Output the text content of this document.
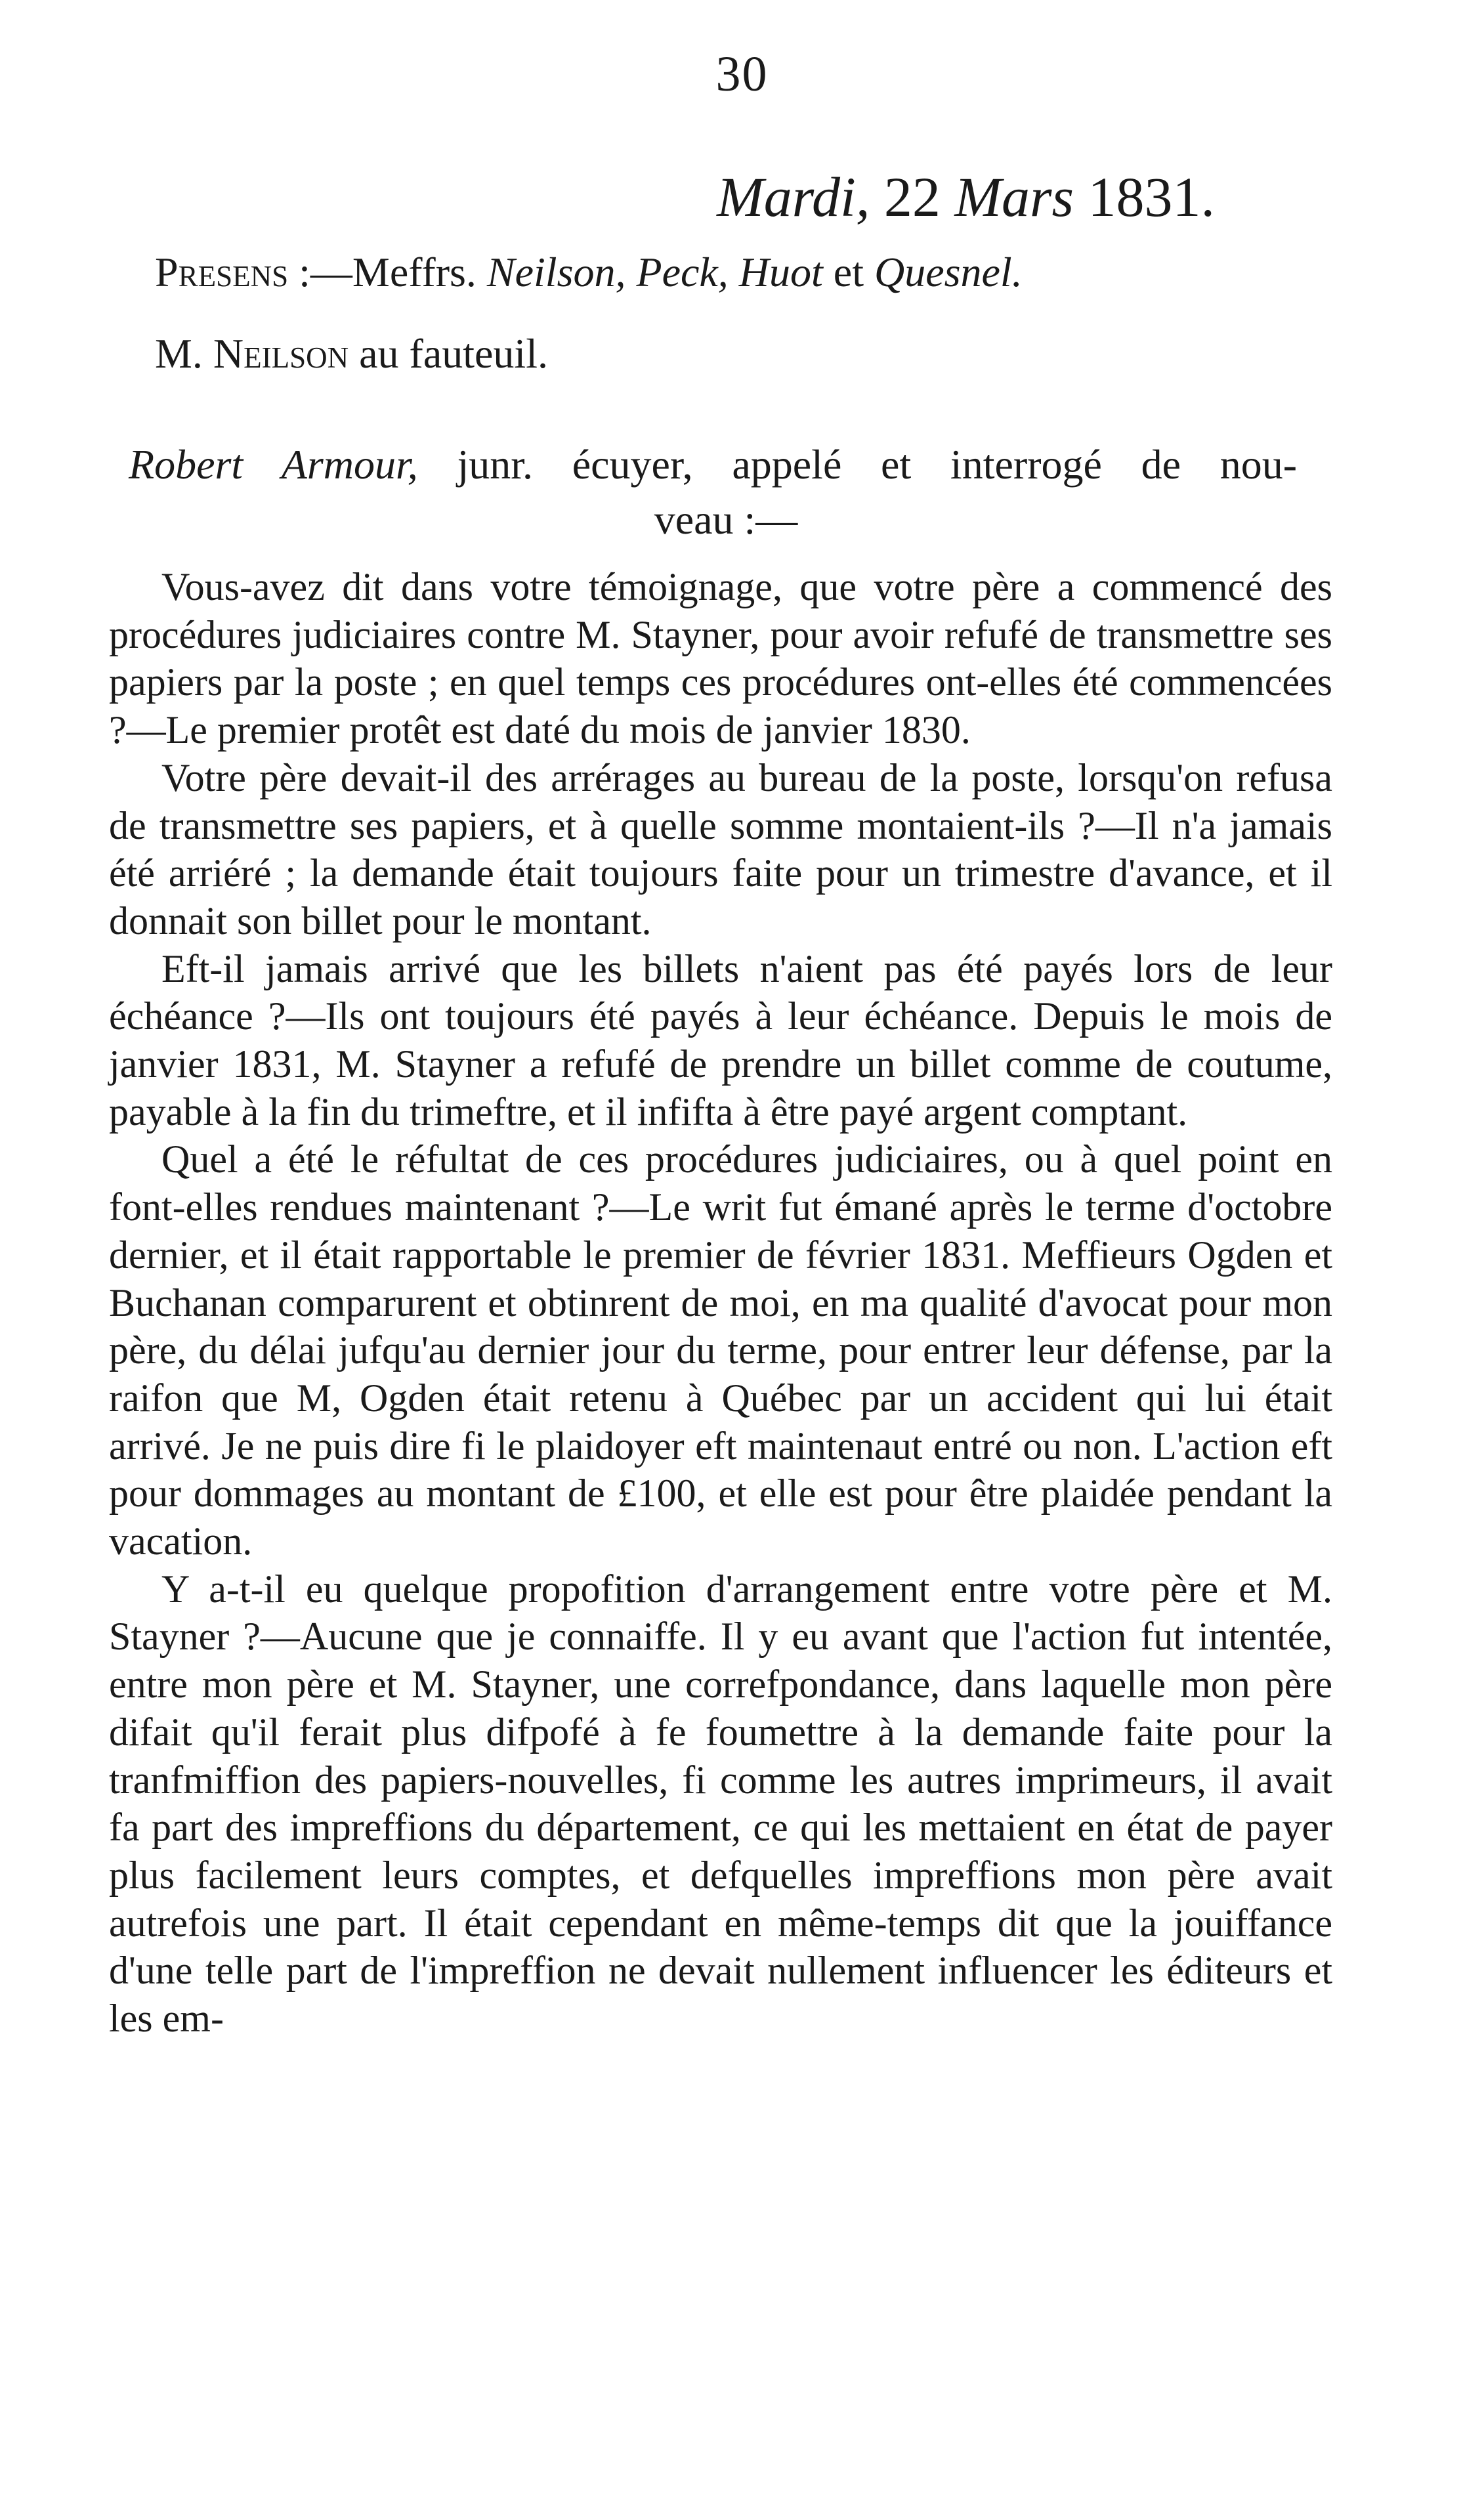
30
Mardi, 22 Mars 1831.
Presens :—Meffrs. Neilson, Peck, Huot et Quesnel.
M. Neilson au fauteuil.
Robert Armour, junr. écuyer, appelé et interrogé de nou-
veau :—

Vous-avez dit dans votre témoignage, que votre père a commencé des procédures judiciaires contre M. Stayner, pour avoir refufé de transmettre ses papiers par la poste ; en quel temps ces procédures ont-elles été commencées ?—Le premier protêt est daté du mois de janvier 1830.

Votre père devait-il des arrérages au bureau de la poste, lorsqu'on refusa de transmettre ses papiers, et à quelle somme montaient-ils ?—Il n'a jamais été arriéré ; la demande était toujours faite pour un trimestre d'avance, et il donnait son billet pour le montant.

Eft-il jamais arrivé que les billets n'aient pas été payés lors de leur échéance ?—Ils ont toujours été payés à leur échéance. Depuis le mois de janvier 1831, M. Stayner a refufé de prendre un billet comme de coutume, payable à la fin du trimeftre, et il infifta à être payé argent comptant.

Quel a été le réfultat de ces procédures judiciaires, ou à quel point en font-elles rendues maintenant ?—Le writ fut émané après le terme d'octobre dernier, et il était rapportable le premier de février 1831. Meffieurs Ogden et Buchanan comparurent et obtinrent de moi, en ma qualité d'avocat pour mon père, du délai jufqu'au dernier jour du terme, pour entrer leur défense, par la raifon que M, Ogden était retenu à Québec par un accident qui lui était arrivé. Je ne puis dire fi le plaidoyer eft maintenaut entré ou non. L'action eft pour dommages au montant de £100, et elle est pour être plaidée pendant la vacation.

Y a-t-il eu quelque propofition d'arrangement entre votre père et M. Stayner ?—Aucune que je connaiffe. Il y eu avant que l'action fut intentée, entre mon père et M. Stayner, une correfpondance, dans laquelle mon père difait qu'il ferait plus difpofé à fe foumettre à la demande faite pour la tranfmiffion des papiers-nouvelles, fi comme les autres imprimeurs, il avait fa part des impreffions du département, ce qui les mettaient en état de payer plus facilement leurs comptes, et defquelles impreffions mon père avait autrefois une part. Il était cependant en même-temps dit que la jouiffance d'une telle part de l'impreffion ne devait nullement influencer les éditeurs et les em-
